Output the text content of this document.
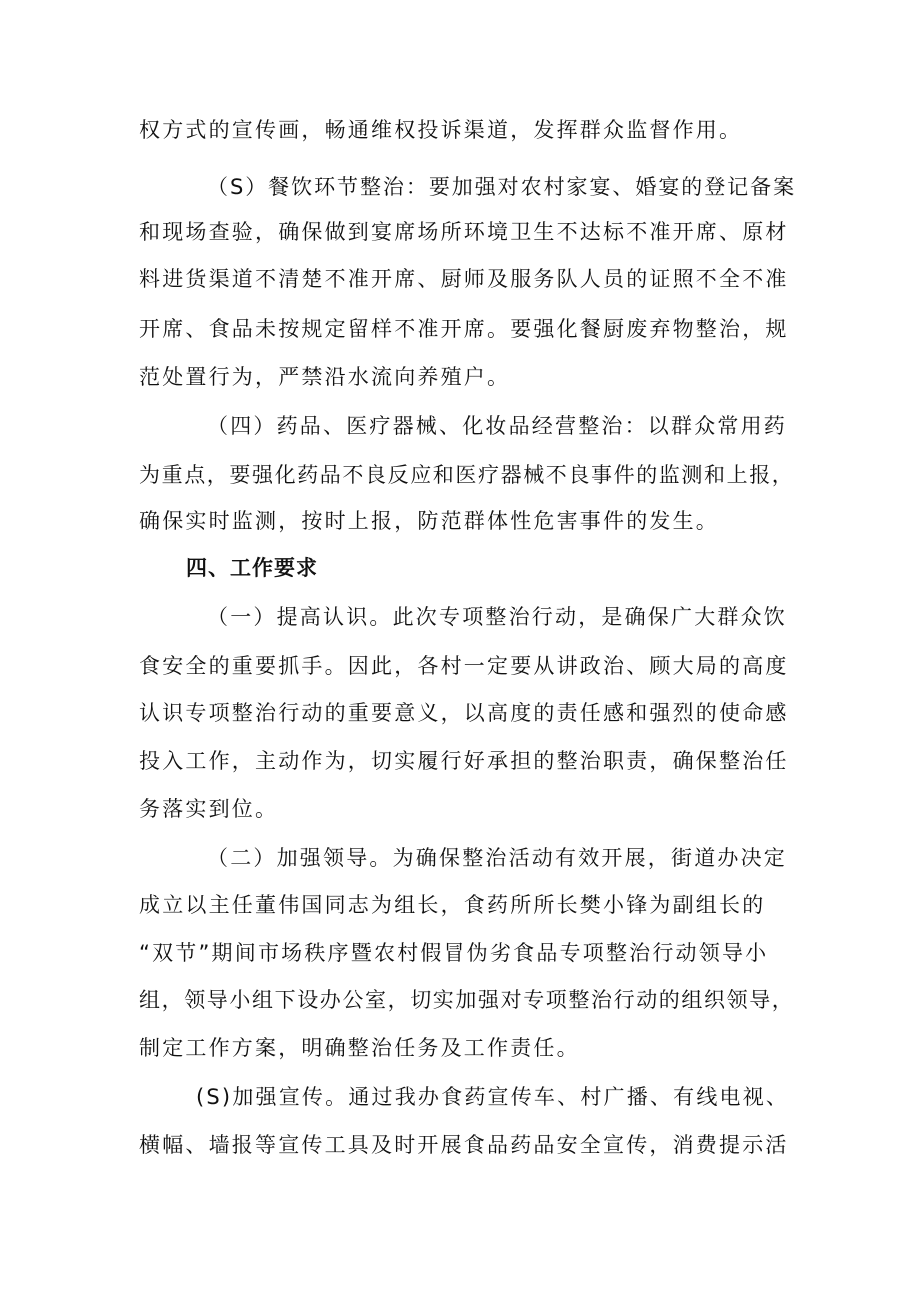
权方式的宣传画，畅通维权投诉渠道，发挥群众监督作用。
（S）餐饮环节整治：要加强对农村家宴、婚宴的登记备案
和现场查验，确保做到宴席场所环境卫生不达标不准开席、原材
料进货渠道不清楚不准开席、厨师及服务队人员的证照不全不准
开席、食品未按规定留样不准开席。要强化餐厨废弃物整治，规
范处置行为，严禁沿水流向养殖户。
（四）药品、医疗器械、化妆品经营整治：以群众常用药
为重点，要强化药品不良反应和医疗器械不良事件的监测和上报，
确保实时监测，按时上报，防范群体性危害事件的发生。
四、工作要求
（一）提高认识。此次专项整治行动，是确保广大群众饮
食安全的重要抓手。因此，各村一定要从讲政治、顾大局的高度
认识专项整治行动的重要意义，以高度的责任感和强烈的使命感
投入工作，主动作为，切实履行好承担的整治职责，确保整治任
务落实到位。
（二）加强领导。为确保整治活动有效开展，街道办决定
成立以主任董伟国同志为组长，食药所所长樊小锋为副组长的
“双节”期间市场秩序暨农村假冒伪劣食品专项整治行动领导小
组，领导小组下设办公室，切实加强对专项整治行动的组织领导，
制定工作方案，明确整治任务及工作责任。
(S)加强宣传。通过我办食药宣传车、村广播、有线电视、
横幅、墙报等宣传工具及时开展食品药品安全宣传，消费提示活
